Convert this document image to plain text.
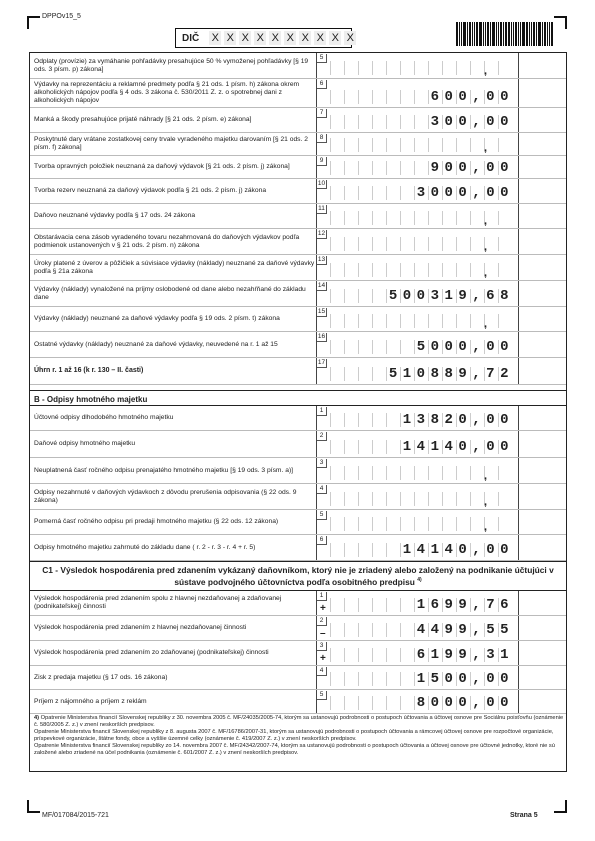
DPPOv15_5
DIČ X X X X X X X X X X
Odplaty (provízie) za vymáhanie pohľadávky presahujúce 50 % vymoženej pohľadávky [§ 19 ods. 3 písm. p) zákona]
5
,
Výdavky na reprezentáciu a reklamné predmety podľa § 21 ods. 1 písm. h) zákona okrem alkoholických nápojov podľa § 4 ods. 3 zákona č. 530/2011 Z. z. o spotrebnej dani z alkoholických nápojov
6
600,00
Manká a škody presahujúce prijaté náhrady [§ 21 ods. 2 písm. e) zákona]
7
300,00
Poskytnuté dary vrátane zostatkovej ceny trvale vyradeného majetku darovaním [§ 21 ods. 2 písm. f) zákona]
8
,
Tvorba opravných položiek neuznaná za daňový výdavok [§ 21 ods. 2 písm. j) zákona]
9	900,00
Tvorba rezerv neuznaná za daňový výdavok podľa § 21 ods. 2 písm. j) zákona
10
3000,00
Daňovo neuznané výdavky podľa § 17 ods. 24 zákona
11
,
Obstarávacia cena zásob vyradeného tovaru nezahrnovaná do daňových výdavkov podľa podmienok ustanovených v § 21 ods. 2 písm. n) zákona
12
,
Úroky platené z úverov a pôžičiek a súvisiace výdavky (náklady) neuznané za daňové výdavky podľa § 21a zákona
13
,
Výdavky (náklady) vynaložené na príjmy oslobodené od dane alebo nezahŕňané do základu dane
14
500319,68
Výdavky (náklady) neuznané za daňové výdavky podľa § 19 ods. 2 písm. t) zákona
15
,
Ostatné výdavky (náklady) neuznané za daňové výdavky, neuvedené na r. 1 až 15
16
5000,00
Úhrn r. 1 až 16 (k r. 130 – II. časti)
17
510889,72
B - Odpisy hmotného majetku
Účtovné odpisy dlhodobého hmotného majetku
1
13820,00
Daňové odpisy hmotného majetku
2
14140,00
Neuplatnená časť ročného odpisu prenajatého hmotného majetku [§ 19 ods. 3 písm. a)]
3
,
Odpisy nezahrnuté v daňových výdavkoch z dôvodu prerušenia odpisovania (§ 22 ods. 9 zákona)
4
,
Pomerná časť ročného odpisu pri predaji hmotného majetku (§ 22 ods. 12 zákona)
5
,
Odpisy hmotného majetku zahrnuté do základu dane ( r. 2 - r. 3 - r. 4 + r. 5)
6
14140,00
C1 - Výsledok hospodárenia pred zdanením vykázaný daňovníkom, ktorý nie je zriadený alebo založený na podnikanie účtujúci v sústave podvojného účtovníctva podľa osobitného predpisu $^{4)}$
Výsledok hospodárenia pred zdanením spolu z hlavnej nezdaňovanej a zdaňovanej (podnikateľskej) činnosti
1
+	1699,76
Výsledok hospodárenia pred zdanením z hlavnej nezdaňovanej činnosti
2
–	4499,55
Výsledok hospodárenia pred zdanením zo zdaňovanej (podnikateľskej) činnosti
3
+	6199,31
Zisk z predaja majetku (§ 17 ods. 16 zákona)
4
1500,00
Príjem z nájomného a príjem z reklám
5
8000,00
4) Opatrenie Ministerstva financií Slovenskej republiky z 30. novembra 2005 č. MF/24035/2005-74, ktorým sa ustanovujú podrobnosti o postupoch účtovania a účtovej osnove pre Sociálnu poisťovňu (oznámenie č. 580/2005 Z. z.) v znení neskorších predpisov.
Opatrenie Ministerstva financií Slovenskej republiky z 8. augusta 2007 č. MF/16786/2007-31, ktorým sa ustanovujú podrobnosti o postupoch účtovania a rámcovej účtovej osnove pre rozpočtové organizácie, príspevkové organizácie, štátne fondy, obce a vyššie územné celky (oznámenie č. 419/2007 Z. z.) v znení neskorších predpisov.
Opatrenie Ministerstva financií Slovenskej republiky zo 14. novembra 2007 č. MF/24342/2007-74, ktorým sa ustanovujú podrobnosti o postupoch účtovania a účtovej osnove pre účtovné jednotky, ktoré nie sú založené alebo zriadené na účel podnikania (oznámenie č. 601/2007 Z. z.) v znení neskorších predpisov.
MF/017084/2015-721	Strana 5
